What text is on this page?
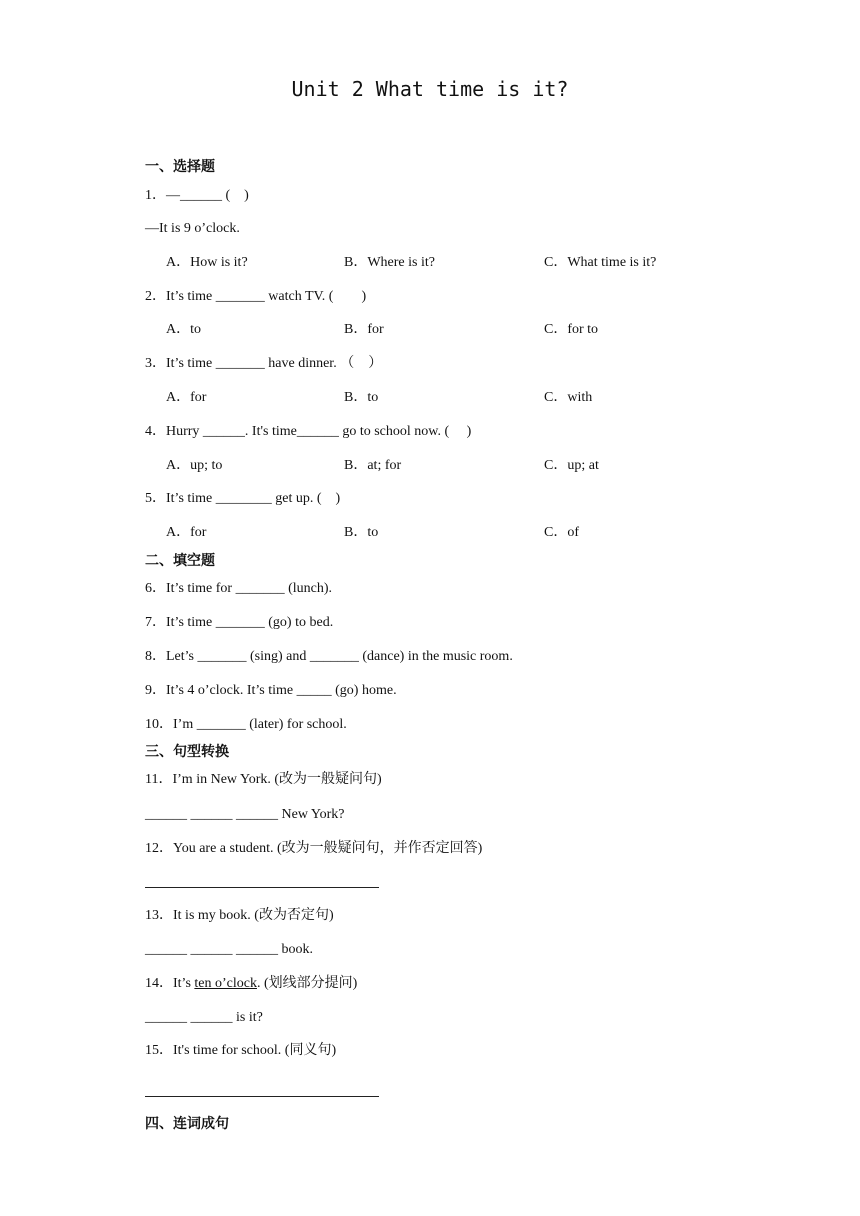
Unit 2 What time is it?
一、选择题
1．—______ (　)
—It is 9 o’clock.
A．How is it?	B．Where is it?	C．What time is it?
2．It’s time _______ watch TV. (　　)
A．to	B．for	C．for to
3．It’s time _______ have dinner. （　）
A．for	B．to	C．with
4．Hurry ______. It's time______ go to school now. (　 )
A．up; to	B．at; for	C．up; at
5．It’s time ________ get up. (　)
A．for	B．to	C．of
二、填空题
6．It’s time for _______ (lunch).
7．It’s time _______ (go) to bed.
8．Let’s _______ (sing) and _______ (dance) in the music room.
9．It’s 4 o’clock. It’s time _____ (go) home.
10．I’m _______ (later) for school.
三、句型转换
11．I’m in New York. (改为一般疑问句)
______ ______ ______ New York?
12．You are a student. (改为一般疑问句，并作否定回答)
13．It is my book. (改为否定句)
______ ______ ______ book.
14．It’s ten o’clock. (划线部分提问)
______ ______ is it?
15．It's time for school. (同义句)
四、连词成句
